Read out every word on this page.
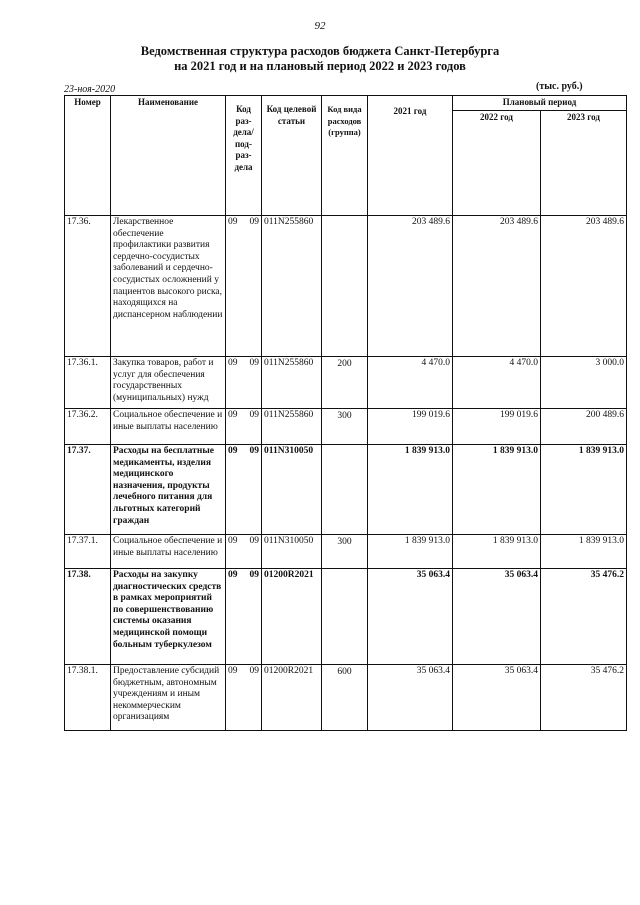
92
Ведомственная структура расходов бюджета Санкт-Петербурга
на 2021 год и на плановый период 2022 и 2023 годов
23-ноя-2020	(тыс. руб.)
Номер	Наименование	Код раз-дела/ под-раз-дела		Код целевой статьи	Код вида расходов (группа)	2021 год	Плановый период	
							2022 год	2023 год
17.36.	Лекарственное обеспечение профилактики развития сердечно-сосудистых заболеваний и сердечно-сосудистых осложнений у пациентов высокого риска, находящихся на диспансерном наблюдении	09	09	011N255860		203 489.6	203 489.6	203 489.6
17.36.1.	Закупка товаров, работ и услуг для обеспечения государственных (муниципальных) нужд	09	09	011N255860	200	4 470.0	4 470.0	3 000.0
17.36.2.	Социальное обеспечение и иные выплаты населению	09	09	011N255860	300	199 019.6	199 019.6	200 489.6
17.37.	Расходы на бесплатные медикаменты, изделия медицинского назначения, продукты лечебного питания для льготных категорий граждан	09	09	011N310050		1 839 913.0	1 839 913.0	1 839 913.0
17.37.1.	Социальное обеспечение и иные выплаты населению	09	09	011N310050	300	1 839 913.0	1 839 913.0	1 839 913.0
17.38.	Расходы на закупку диагностических средств в рамках мероприятий по совершенствованию системы оказания медицинской помощи больным туберкулезом	09	09	01200R2021		35 063.4	35 063.4	35 476.2
17.38.1.	Предоставление субсидий бюджетным, автономным учреждениям и иным некоммерческим организациям	09	09	01200R2021	600	35 063.4	35 063.4	35 476.2
